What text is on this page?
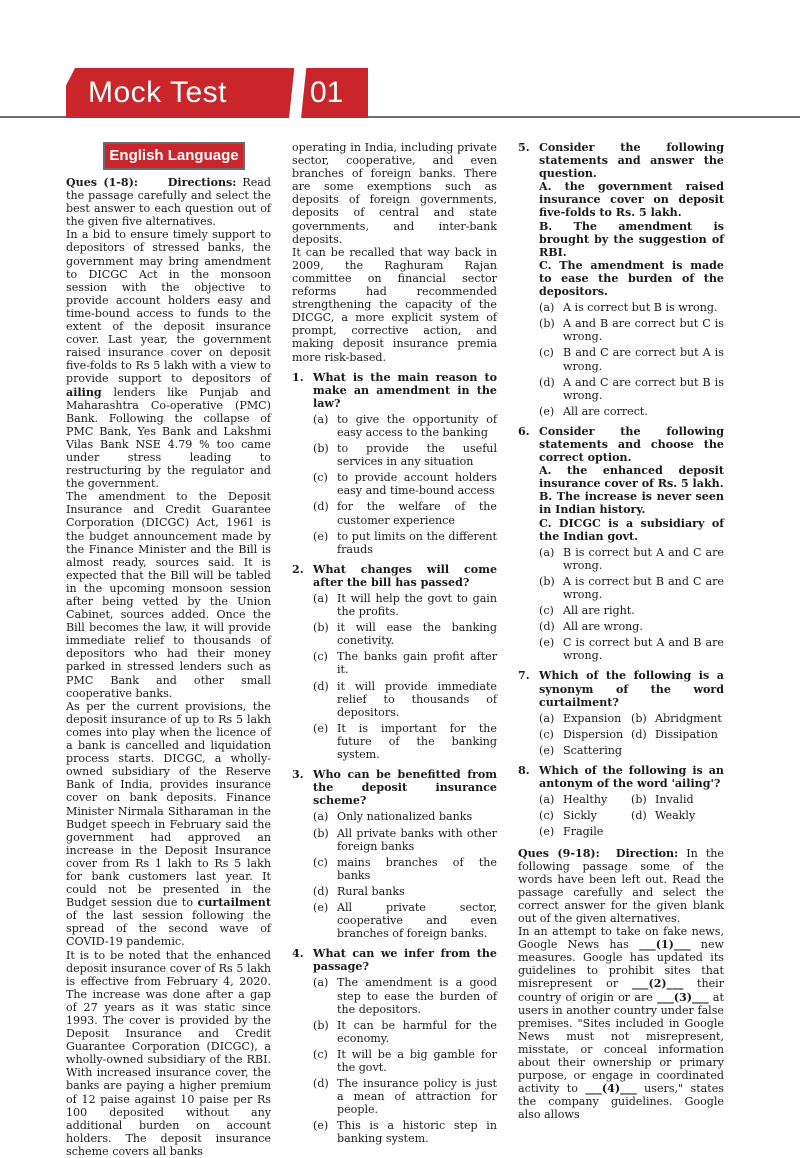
Mock Test	01
English Language

Ques (1-8):	Directions: Read the passage carefully and select the best answer to each question out of the given five alternatives.

In a bid to ensure timely support to depositors of stressed banks, the government may bring amendment to DICGC Act in the monsoon session with the objective to provide account holders easy and time-bound access to funds to the extent of the deposit insurance cover. Last year, the government raised insurance cover on deposit five-folds to Rs 5 lakh with a view to provide support to depositors of ailing lenders like Punjab and Maharashtra Co-operative (PMC) Bank. Following the collapse of PMC Bank, Yes Bank and Lakshmi Vilas Bank NSE 4.79 % too came under stress leading to restructuring by the regulator and the government.

The amendment to the Deposit Insurance and Credit Guarantee Corporation (DICGC) Act, 1961 is the budget announcement made by the Finance Minister and the Bill is almost ready, sources said. It is expected that the Bill will be tabled in the upcoming monsoon session after being vetted by the Union Cabinet, sources added. Once the Bill becomes the law, it will provide immediate relief to thousands of depositors who had their money parked in stressed lenders such as PMC Bank and other small cooperative banks.

As per the current provisions, the deposit insurance of up to Rs 5 lakh comes into play when the licence of a bank is cancelled and liquidation process starts. DICGC, a wholly-owned subsidiary of the Reserve Bank of India, provides insurance cover on bank deposits. Finance Minister Nirmala Sitharaman in the Budget speech in February said the government had approved an increase in the Deposit Insurance cover from Rs 1 lakh to Rs 5 lakh for bank customers last year. It could not be presented in the Budget session due to curtailment of the last session following the spread of the second wave of COVID-19 pandemic.

It is to be noted that the enhanced deposit insurance cover of Rs 5 lakh is effective from February 4, 2020. The increase was done after a gap of 27 years as it was static since 1993. The cover is provided by the Deposit Insurance and Credit Guarantee Corporation (DICGC), a wholly-owned subsidiary of the RBI. With increased insurance cover, the banks are paying a higher premium of 12 paise against 10 paise per Rs 100 deposited without any additional burden on account holders. The deposit insurance scheme covers all banks

operating in India, including private sector, cooperative, and even branches of foreign banks. There are some exemptions such as deposits of foreign governments, deposits of central and state governments, and inter-bank deposits.

It can be recalled that way back in 2009, the Raghuram Rajan committee on financial sector reforms had recommended strengthening the capacity of the DICGC, a more explicit system of prompt, corrective action, and making deposit insurance premia more risk-based.

1. What is the main reason to make an amendment in the law?
(a) to give the opportunity of easy access to the banking
(b) to provide the useful services in any situation
(c) to provide account holders easy and time-bound access
(d) for the welfare of the customer experience
(e) to put limits on the different frauds
2. What changes will come after the bill has passed?
(a) It will help the govt to gain the profits.
(b) it will ease the banking conetivity.
(c) The banks gain profit after it.
(d) it will provide immediate relief to thousands of depositors.
(e) It is important for the future of the banking system.
3. Who can be benefitted from the deposit insurance scheme?
(a) Only nationalized banks
(b) All private banks with other foreign banks
(c) mains branches of the banks
(d) Rural banks
(e) All private sector, cooperative and even branches of foreign banks.
4. What can we infer from the passage?
(a) The amendment is a good step to ease the burden of the depositors.
(b) It can be harmful for the economy.
(c) It will be a big gamble for the govt.
(d) The insurance policy is just a mean of attraction for people.
(e) This is a historic step in banking system.
5. Consider the following statements and answer the question.
A. the government raised insurance cover on deposit five-folds to Rs. 5 lakh.
B. The amendment is brought by the suggestion of RBI.
C. The amendment is made to ease the burden of the depositors.
(a) A is correct but B is wrong.
(b) A and B are correct but C is wrong.
(c) B and C are correct but A is wrong.
(d) A and C are correct but B is wrong.
(e) All are correct.
6. Consider the following statements and choose the correct option.
A. the enhanced deposit insurance cover of Rs. 5 lakh.
B. The increase is never seen in Indian history.
C. DICGC is a subsidiary of the Indian govt.
(a) B is correct but A and C are wrong.
(b) A is correct but B and C are wrong.
(c) All are right.
(d) All are wrong.
(e) C is correct but A and B are wrong.
7. Which of the following is a synonym of the word curtailment?
(a) Expansion (b) Abridgment
(c) Dispersion (d) Dissipation
(e) Scattering
8. Which of the following is an antonym of the word 'ailing'?
(a) Healthy (b) Invalid
(c) Sickly	(d) Weakly
(e) Fragile

Ques (9-18): Direction: In the following passage some of the words have been left out. Read the passage carefully and select the correct answer for the given blank out of the given alternatives.

In an attempt to take on fake news, Google News has ___(1)___ new measures. Google has updated its guidelines to prohibit sites that misrepresent or ___(2)___ their country of origin or are ___(3)___ at users in another country under false premises. "Sites included in Google News must not misrepresent, misstate, or conceal information about their ownership or primary purpose, or engage in coordinated activity to ___(4)___ users," states the company guidelines. Google also allows
